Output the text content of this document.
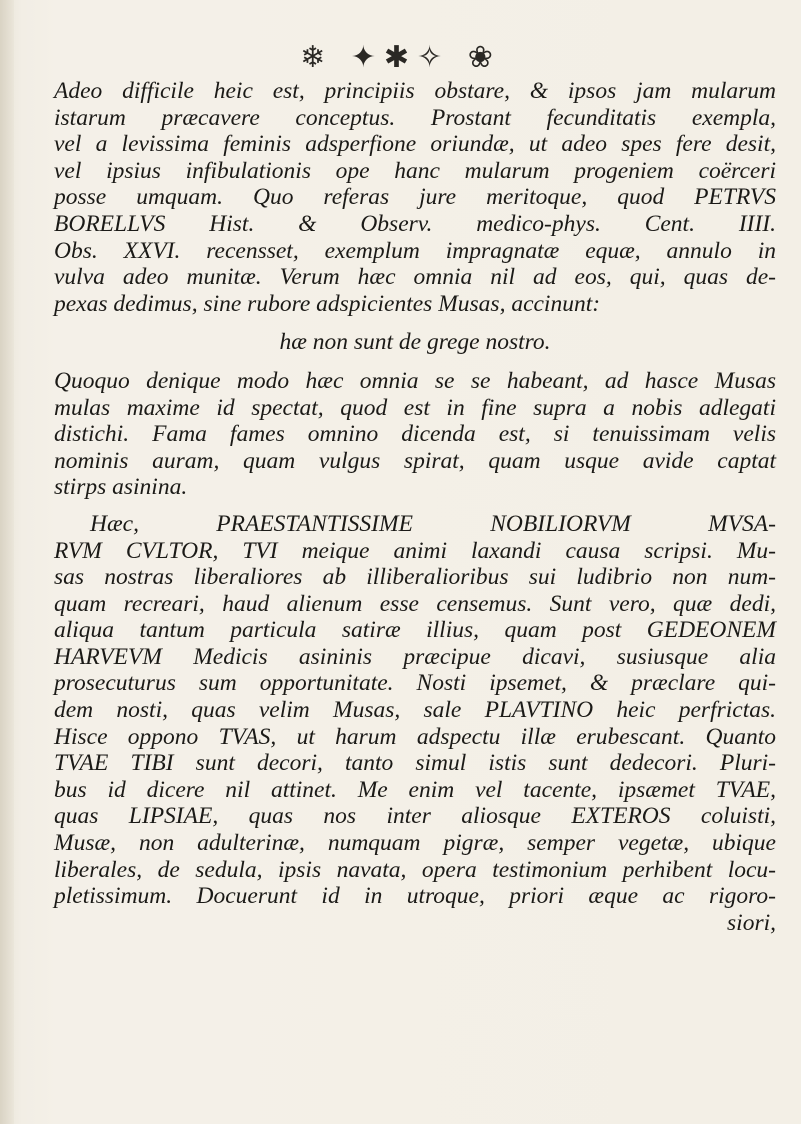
❄ ✦✱✧ ❀
Adeo difficile heic est, principiis obstare, & ipsos jam mularum
istarum præcavere conceptus. Prostant fecunditatis exempla,
vel a levissima feminis adsperfione oriundæ, ut adeo spes fere desit,
vel ipsius infibulationis ope hanc mularum progeniem coërceri
posse umquam. Quo referas jure meritoque, quod PETRVS
BORELLVS Hist. & Observ. medico-phys. Cent. IIII.
Obs. XXVI. recensset, exemplum impragnatæ equæ, annulo in
vulva adeo munitæ. Verum hæc omnia nil ad eos, qui, quas de-
pexas dedimus, sine rubore adspicientes Musas, accinunt:
hæ non sunt de grege nostro.
Quoquo denique modo hæc omnia se se habeant, ad hasce Musas
mulas maxime id spectat, quod est in fine supra a nobis adlegati
distichi. Fama fames omnino dicenda est, si tenuissimam velis
nominis auram, quam vulgus spirat, quam usque avide captat
stirps asinina.
Hæc, PRAESTANTISSIME NOBILIORVM MVSA-
RVM CVLTOR, TVI meique animi laxandi causa scripsi. Mu-
sas nostras liberaliores ab illiberalioribus sui ludibrio non num-
quam recreari, haud alienum esse censemus. Sunt vero, quæ dedi,
aliqua tantum particula satiræ illius, quam post GEDEONEM
HARVEVM Medicis asininis præcipue dicavi, susiusque alia
prosecuturus sum opportunitate. Nosti ipsemet, & præclare qui-
dem nosti, quas velim Musas, sale PLAVTINO heic perfrictas.
Hisce oppono TVAS, ut harum adspectu illæ erubescant. Quanto
TVAE TIBI sunt decori, tanto simul istis sunt dedecori. Pluri-
bus id dicere nil attinet. Me enim vel tacente, ipsæmet TVAE,
quas LIPSIAE, quas nos inter aliosque EXTEROS coluisti,
Musæ, non adulterinæ, numquam pigræ, semper vegetæ, ubique
liberales, de sedula, ipsis navata, opera testimonium perhibent locu-
pletissimum. Docuerunt id in utroque, priori æque ac rigoro-
siori,
